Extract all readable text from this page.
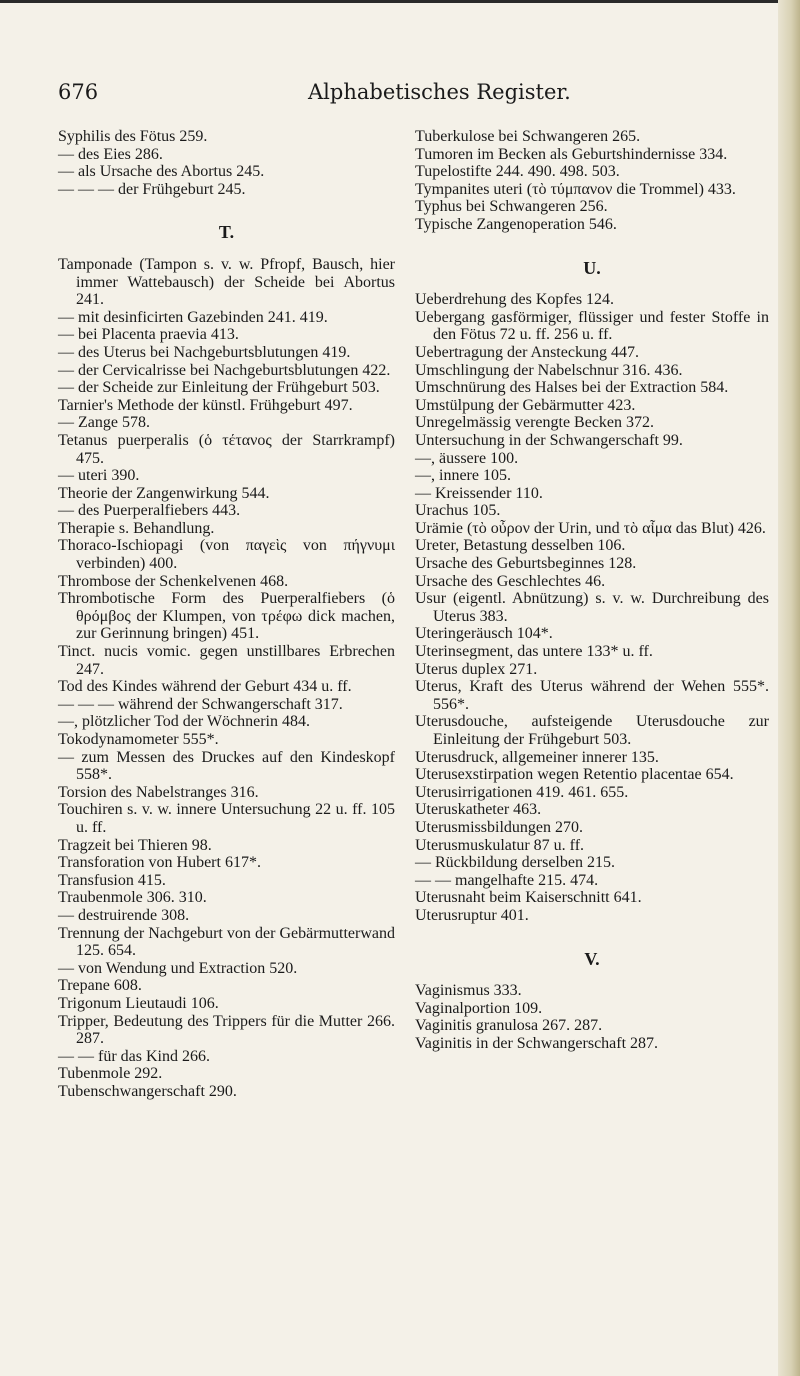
676	Alphabetisches Register.
Syphilis des Fötus 259.
— des Eies 286.
— als Ursache des Abortus 245.
— — — der Frühgeburt 245.
T.
Tamponade (Tampon s. v. w. Pfropf, Bausch, hier immer Wattebausch) der Scheide bei Abortus 241.
— mit desinficirten Gazebinden 241. 419.
— bei Placenta praevia 413.
— des Uterus bei Nachgeburtsblutungen 419.
— der Cervicalrisse bei Nachgeburtsblutungen 422.
— der Scheide zur Einleitung der Frühgeburt 503.
Tarnier's Methode der künstl. Frühgeburt 497.
— Zange 578.
Tetanus puerperalis (ὁ τέτανος der Starrkrampf) 475.
— uteri 390.
Theorie der Zangenwirkung 544.
— des Puerperalfiebers 443.
Therapie s. Behandlung.
Thoraco-Ischiopagi (von παγεὶς von πήγνυμι verbinden) 400.
Thrombose der Schenkelvenen 468.
Thrombotische Form des Puerperalfiebers (ὁ θρόμβος der Klumpen, von τρέφω dick machen, zur Gerinnung bringen) 451.
Tinct. nucis vomic. gegen unstillbares Erbrechen 247.
Tod des Kindes während der Geburt 434 u. ff.
— — — während der Schwangerschaft 317.
—, plötzlicher Tod der Wöchnerin 484.
Tokodynamometer 555*.
— zum Messen des Druckes auf den Kindeskopf 558*.
Torsion des Nabelstranges 316.
Touchiren s. v. w. innere Untersuchung 22 u. ff. 105 u. ff.
Tragzeit bei Thieren 98.
Transforation von Hubert 617*.
Transfusion 415.
Traubenmole 306. 310.
— destruirende 308.
Trennung der Nachgeburt von der Gebärmutterwand 125. 654.
— von Wendung und Extraction 520.
Trepane 608.
Trigonum Lieutaudi 106.
Tripper, Bedeutung des Trippers für die Mutter 266. 287.
— — für das Kind 266.
Tubenmole 292.
Tubenschwangerschaft 290.
Tuberkulose bei Schwangeren 265.
Tumoren im Becken als Geburtshindernisse 334.
Tupelostifte 244. 490. 498. 503.
Tympanites uteri (τὸ τύμπανον die Trommel) 433.
Typhus bei Schwangeren 256.
Typische Zangenoperation 546.
U.
Ueberdrehung des Kopfes 124.
Uebergang gasförmiger, flüssiger und fester Stoffe in den Fötus 72 u. ff. 256 u. ff.
Uebertragung der Ansteckung 447.
Umschlingung der Nabelschnur 316. 436.
Umschnürung des Halses bei der Extraction 584.
Umstülpung der Gebärmutter 423.
Unregelmässig verengte Becken 372.
Untersuchung in der Schwangerschaft 99.
—, äussere 100.
—, innere 105.
— Kreissender 110.
Urachus 105.
Urämie (τὸ οὖρον der Urin, und τὸ αἷμα das Blut) 426.
Ureter, Betastung desselben 106.
Ursache des Geburtsbeginnes 128.
Ursache des Geschlechtes 46.
Usur (eigentl. Abnützung) s. v. w. Durchreibung des Uterus 383.
Uteringeräusch 104*.
Uterinsegment, das untere 133* u. ff.
Uterus duplex 271.
Uterus, Kraft des Uterus während der Wehen 555*. 556*.
Uterusdouche, aufsteigende Uterusdouche zur Einleitung der Frühgeburt 503.
Uterusdruck, allgemeiner innerer 135.
Uterusexstirpation wegen Retentio placentae 654.
Uterusirrigationen 419. 461. 655.
Uteruskatheter 463.
Uterusmissbildungen 270.
Uterusmuskulatur 87 u. ff.
— Rückbildung derselben 215.
— — mangelhafte 215. 474.
Uterusnaht beim Kaiserschnitt 641.
Uterusruptur 401.
V.
Vaginismus 333.
Vaginalportion 109.
Vaginitis granulosa 267. 287.
Vaginitis in der Schwangerschaft 287.
